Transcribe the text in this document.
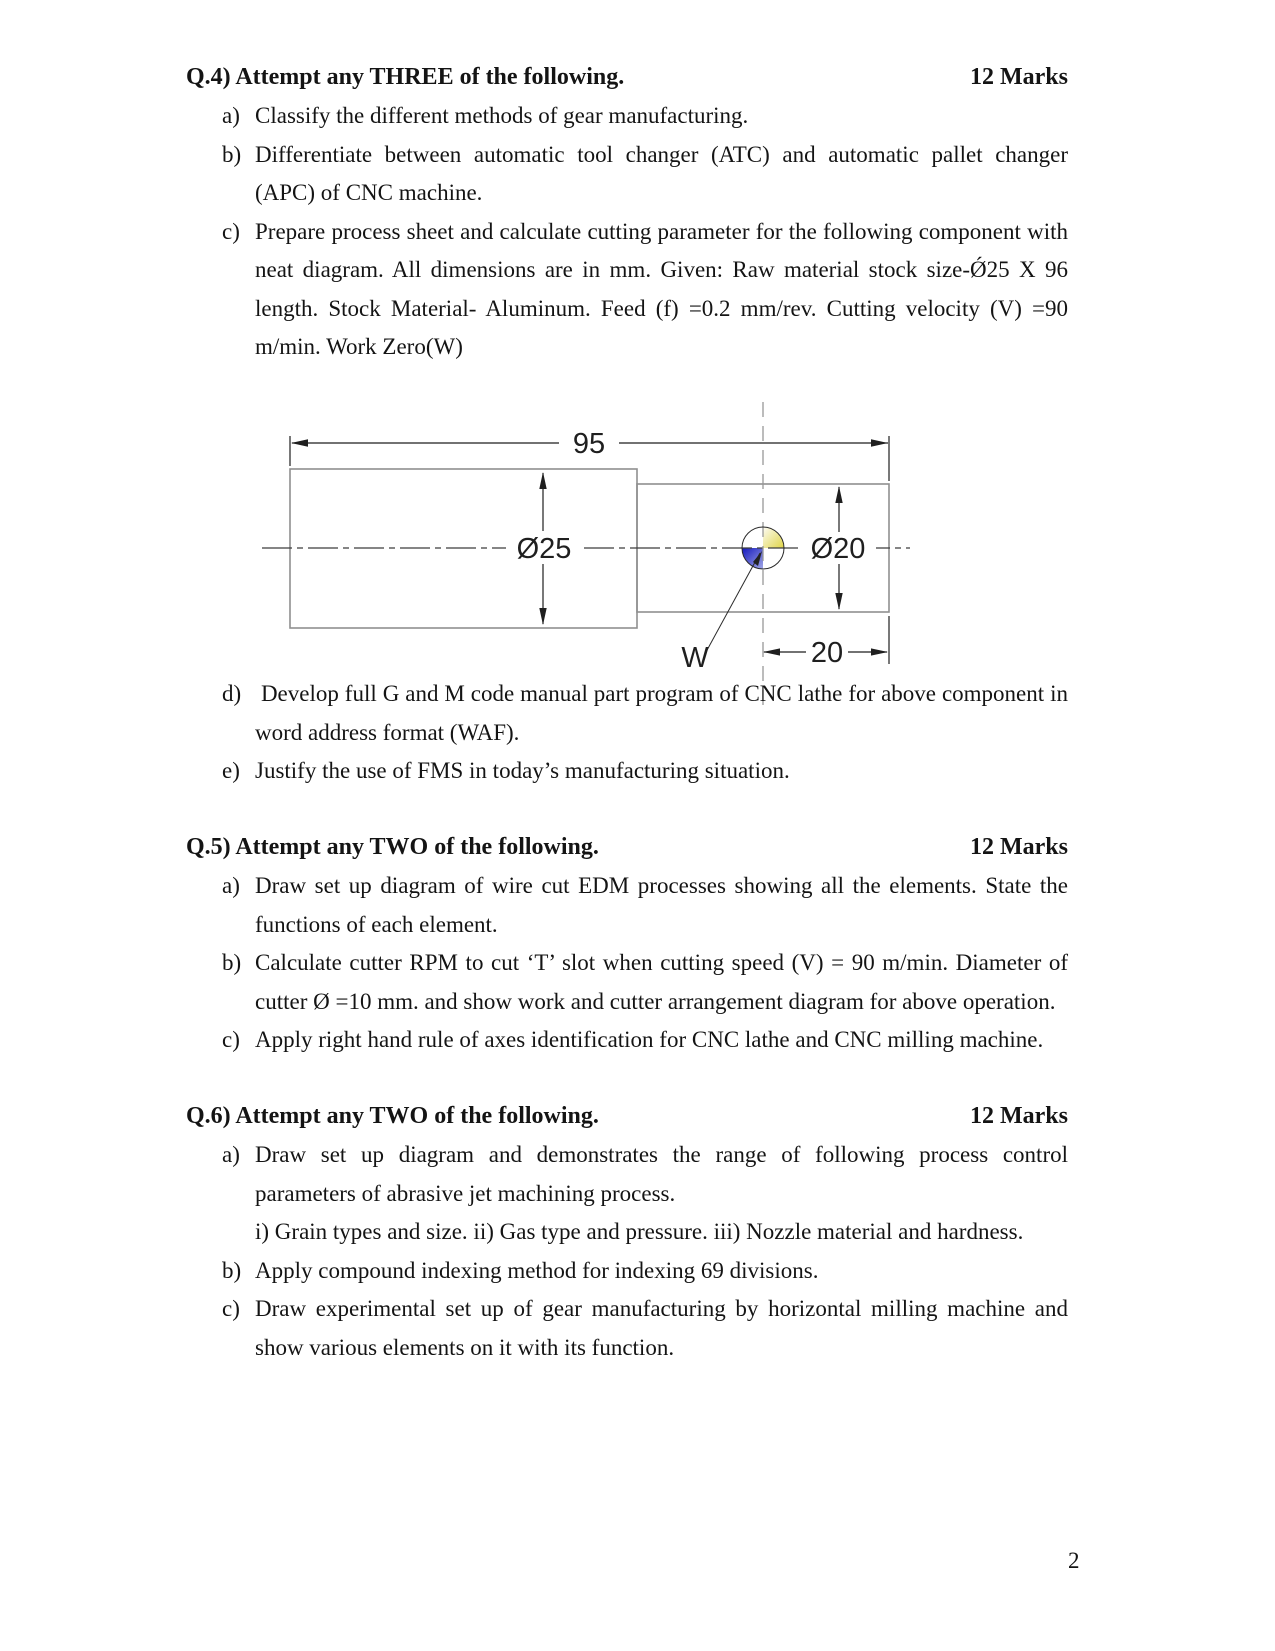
Q.4) Attempt any THREE of the following.	12 Marks
a) Classify the different methods of gear manufacturing.
b) Differentiate between automatic tool changer (ATC) and automatic pallet changer (APC) of CNC machine.
c) Prepare process sheet and calculate cutting parameter for the following component with neat diagram. All dimensions are in mm. Given: Raw material stock size-Ǿ25 X 96 length. Stock Material- Aluminum. Feed (f) =0.2 mm/rev. Cutting velocity (V) =90 m/min. Work Zero(W)
95
Ø25	Ø20
20
W
d) Develop full G and M code manual part program of CNC lathe for above component in word address format (WAF).
e) Justify the use of FMS in today’s manufacturing situation.
Q.5) Attempt any TWO of the following.	12 Marks
a) Draw set up diagram of wire cut EDM processes showing all the elements. State the functions of each element.
b) Calculate cutter RPM to cut ‘T’ slot when cutting speed (V) = 90 m/min. Diameter of cutter Ø =10 mm. and show work and cutter arrangement diagram for above operation.
c) Apply right hand rule of axes identification for CNC lathe and CNC milling machine.
Q.6) Attempt any TWO of the following.	12 Marks
a) Draw set up diagram and demonstrates the range of following process control parameters of abrasive jet machining process.
i) Grain types and size. ii) Gas type and pressure. iii) Nozzle material and hardness.
b) Apply compound indexing method for indexing 69 divisions.
c) Draw experimental set up of gear manufacturing by horizontal milling machine and show various elements on it with its function.
2
